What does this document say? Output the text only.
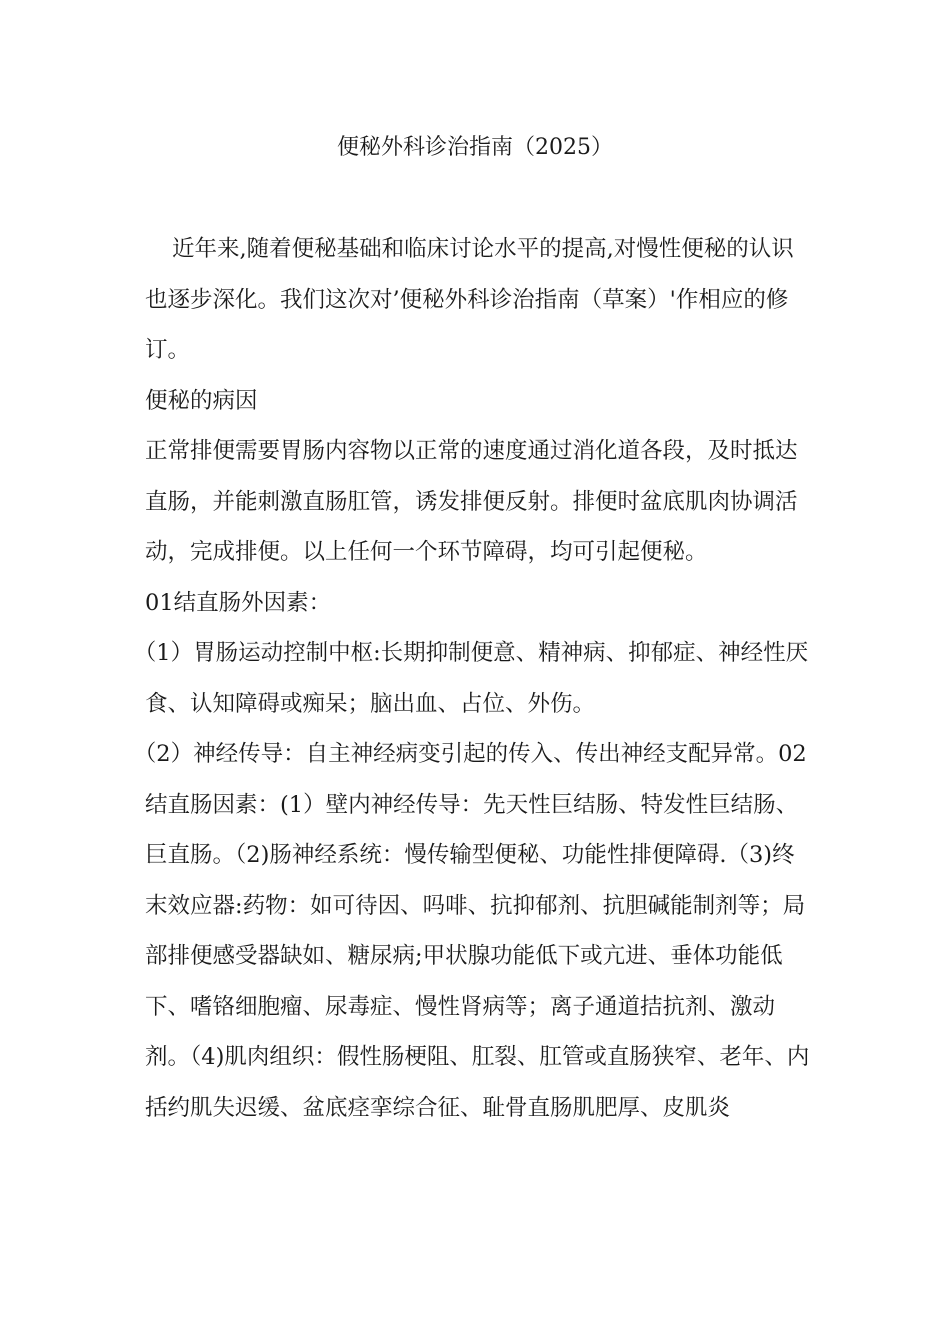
便秘外科诊治指南（2025）

近年来,随着便秘基础和临床讨论水平的提高,对慢性便秘的认识也逐步深化。我们这次对’便秘外科诊治指南（草案）'作相应的修订。

便秘的病因

正常排便需要胃肠内容物以正常的速度通过消化道各段，及时抵达直肠，并能刺激直肠肛管，诱发排便反射。排便时盆底肌肉协调活动，完成排便。以上任何一个环节障碍，均可引起便秘。

01结直肠外因素：

（1）胃肠运动控制中枢:长期抑制便意、精神病、抑郁症、神经性厌食、认知障碍或痴呆；脑出血、占位、外伤。

（2）神经传导：自主神经病变引起的传入、传出神经支配异常。02结直肠因素：(1）壁内神经传导：先天性巨结肠、特发性巨结肠、巨直肠。（2)肠神经系统：慢传输型便秘、功能性排便障碍.（3)终末效应器:药物：如可待因、吗啡、抗抑郁剂、抗胆碱能制剂等；局部排便感受器缺如、糖尿病;甲状腺功能低下或亢进、垂体功能低下、嗜铬细胞瘤、尿毒症、慢性肾病等；离子通道拮抗剂、激动剂。（4)肌肉组织：假性肠梗阻、肛裂、肛管或直肠狭窄、老年、内括约肌失迟缓、盆底痉挛综合征、耻骨直肠肌肥厚、皮肌炎
